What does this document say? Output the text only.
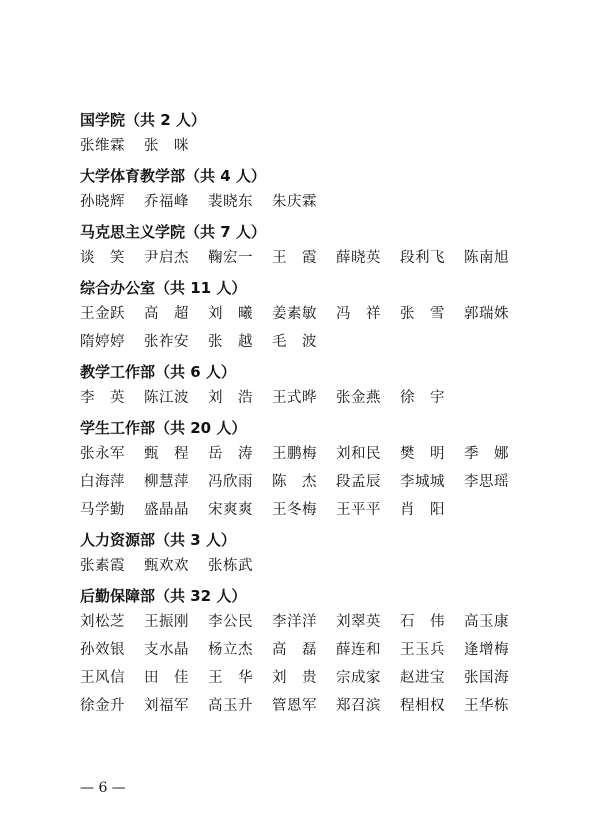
国学院（共 2 人）
张维霖	张　咪
大学体育教学部（共 4 人）
孙晓辉	乔福峰	裴晓东	朱庆霖
马克思主义学院（共 7 人）
谈　笑	尹启杰	鞠宏一	王　霞	薛晓英	段利飞	陈南旭
综合办公室（共 11 人）
王金跃	高　超	刘　曦	姜素敏	冯　祥	张　雪	郭瑞姝
隋婷婷	张祚安	张　越	毛　波
教学工作部（共 6 人）
李　英	陈江波	刘　浩	王式晔	张金燕	徐　宇
学生工作部（共 20 人）
张永军	甄　程	岳　涛	王鹏梅	刘和民	樊　明	季　娜
白海萍	柳慧萍	冯欣雨	陈　杰	段孟辰	李城城	李思瑶
马学勤	盛晶晶	宋爽爽	王冬梅	王平平	肖　阳
人力资源部（共 3 人）
张素霞	甄欢欢	张栋武
后勤保障部（共 32 人）
刘松芝	王振刚	李公民	李洋洋	刘翠英	石　伟	高玉康
孙效银	支水晶	杨立杰	高　磊	薛连和	王玉兵	逢增梅
王风信	田　佳	王　华	刘　贵	宗成家	赵进宝	张国海
徐金升	刘福军	高玉升	管恩军	郑召滨	程相权	王华栋
— 6 —
